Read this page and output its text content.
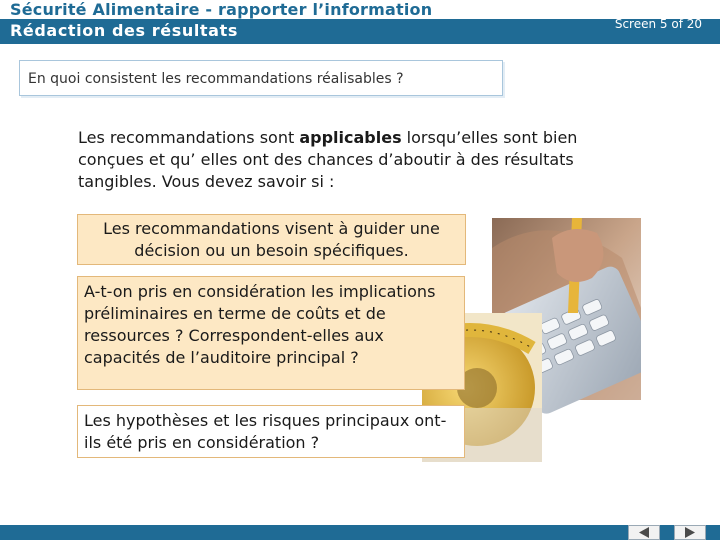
Sécurité Alimentaire - rapporter l’information
Rédaction des résultats	Screen 5 of 20
En quoi consistent les recommandations réalisables ?
Les recommandations sont applicables lorsqu’elles sont bien conçues et qu’ elles ont des chances d’aboutir à des résultats tangibles. Vous devez savoir si :
Les recommandations visent à guider une décision ou un besoin spécifiques.
A-t-on pris en considération les implications préliminaires en terme de coûts et de ressources ? Correspondent-elles aux capacités de l’auditoire principal ?
Les hypothèses et les risques principaux ont-ils été pris en considération ?
